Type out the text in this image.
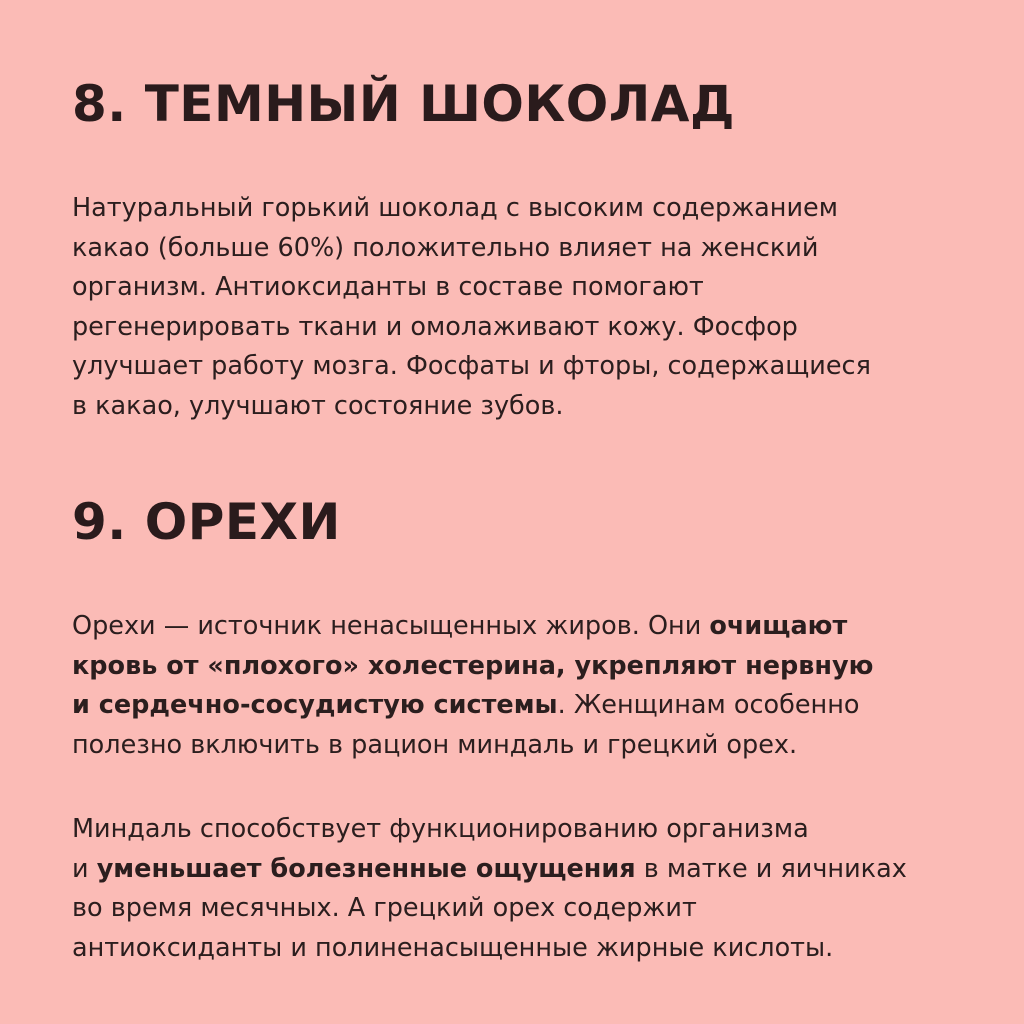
8. ТЕМНЫЙ ШОКОЛАД

Натуральный горький шоколад с высоким содержанием
какао (больше 60%) положительно влияет на женский
организм. Антиоксиданты в составе помогают
регенерировать ткани и омолаживают кожу. Фосфор
улучшает работу мозга. Фосфаты и фторы, содержащиеся
в какао, улучшают состояние зубов.

9. ОРЕХИ

Орехи — источник ненасыщенных жиров. Они очищают
кровь от «плохого» холестерина, укрепляют нервную
и сердечно-сосудистую системы. Женщинам особенно
полезно включить в рацион миндаль и грецкий орех.

Миндаль способствует функционированию организма
и уменьшает болезненные ощущения в матке и яичниках
во время месячных. А грецкий орех содержит
антиоксиданты и полиненасыщенные жирные кислоты.
